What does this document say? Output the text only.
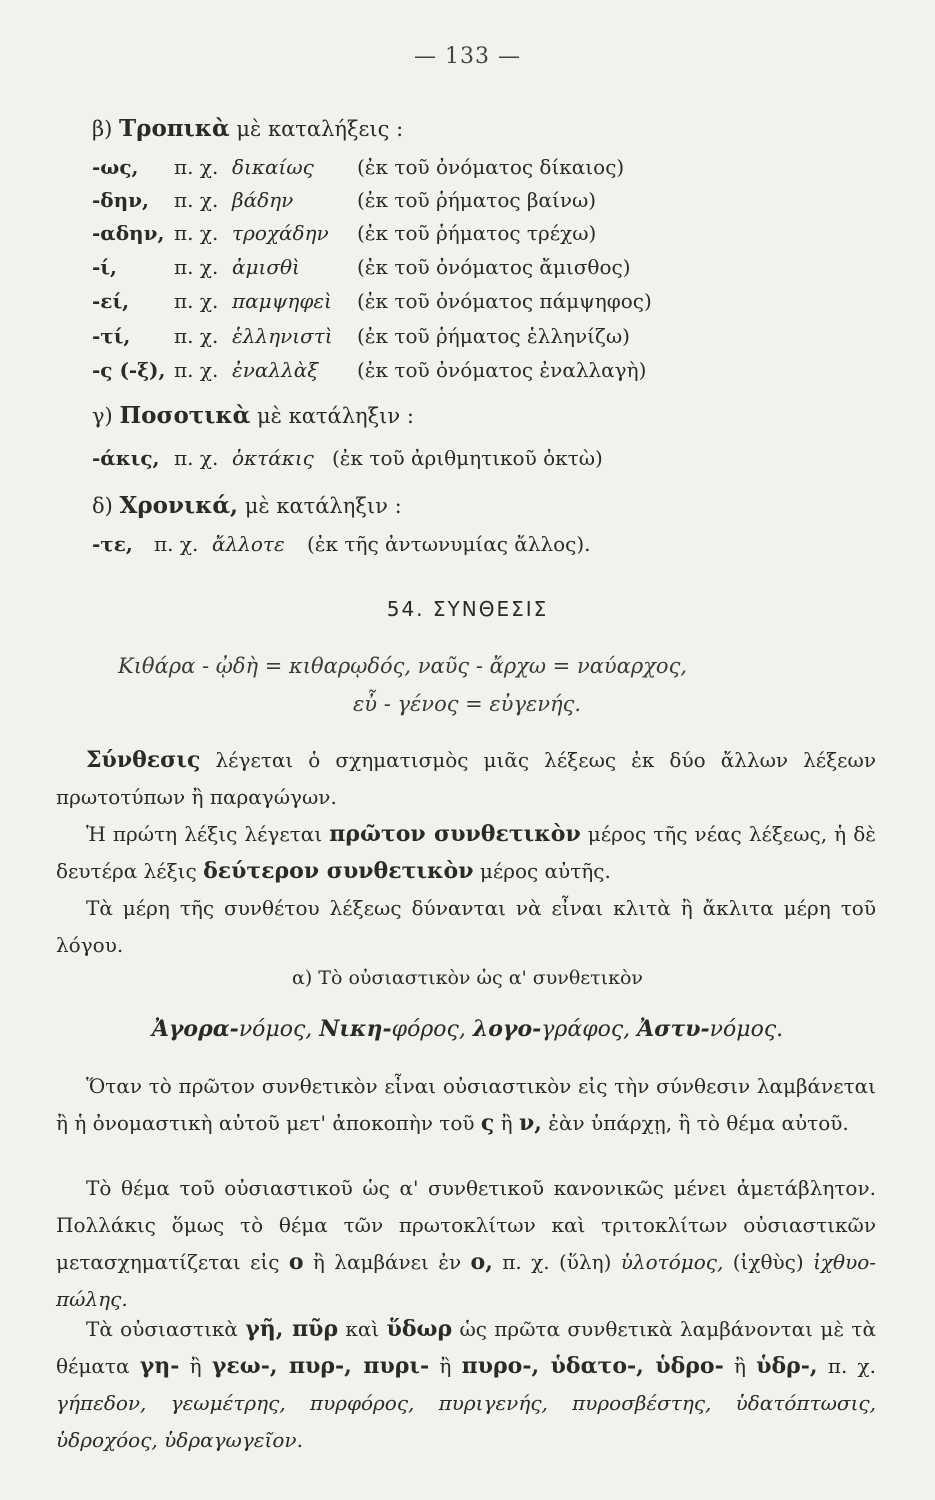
— 133 —
β) Τροπικὰ μὲ καταλήξεις :
-ως, π. χ. δικαίως (ἐκ τοῦ ὀνόματος δίκαιος)
-δην, π. χ. βάδην	(ἐκ τοῦ ῥήματος βαίνω)
-αδην, π. χ. τροχάδην (ἐκ τοῦ ῥήματος τρέχω)
-ί,	π. χ. ἀμισθὶ	(ἐκ τοῦ ὀνόματος ἄμισθος)
-εί, π. χ. παμψηφεὶ (ἐκ τοῦ ὀνόματος πάμψηφος)
-τί, π. χ. ἑλληνιστὶ (ἐκ τοῦ ῥήματος ἑλληνίζω)
-ς (-ξ), π. χ. ἐναλλὰξ (ἐκ τοῦ ὀνόματος ἐναλλαγὴ)
γ) Ποσοτικὰ μὲ κατάληξιν :
-άκις, π. χ. ὀκτάκις (ἐκ τοῦ ἀριθμητικοῦ ὀκτὼ)
δ) Χρονικά, μὲ κατάληξιν :
-τε, π. χ. ἄλλοτε (ἐκ τῆς ἀντωνυμίας ἄλλος).
54. ΣΥΝΘΕΣΙΣ
Κιθάρα - ᾠδὴ = κιθαρῳδός, ναῦς - ἄρχω = ναύαρχος,
εὖ - γένος = εὐγενής.
Σύνθεσις λέγεται ὁ σχηματισμὸς μιᾶς λέξεως ἐκ δύο ἄλλων λέξεων πρωτοτύπων ἢ παραγώγων.
Ἡ πρώτη λέξις λέγεται πρῶτον συνθετικὸν μέρος τῆς νέας λέξεως, ἡ δὲ δευτέρα λέξις δεύτερον συνθετικὸν μέρος αὐτῆς.
Τὰ μέρη τῆς συνθέτου λέξεως δύνανται νὰ εἶναι κλιτὰ ἢ ἄκλιτα μέρη τοῦ λόγου.
α) Τὸ οὐσιαστικὸν ὡς α' συνθετικὸν
Ἀγορα-νόμος, Νικη-φόρος, λογο-γράφος, Ἀστυ-νόμος.
Ὅταν τὸ πρῶτον συνθετικὸν εἶναι οὐσιαστικὸν εἰς τὴν σύνθεσιν λαμβάνεται ἢ ἡ ὀνομαστικὴ αὐτοῦ μετ' ἀποκοπὴν τοῦ ς ἢ ν, ἐὰν ὑπάρχῃ, ἢ τὸ θέμα αὐτοῦ.
Τὸ θέμα τοῦ οὐσιαστικοῦ ὡς α' συνθετικοῦ κανονικῶς μένει ἀμετάβλητον. Πολλάκις ὅμως τὸ θέμα τῶν πρωτοκλίτων καὶ τριτοκλίτων οὐσιαστικῶν μετασχηματίζεται εἰς ο ἢ λαμβάνει ἐν ο, π. χ. (ὕλη) ὑλοτόμος, (ἰχθὺς) ἰχθυο-πώλης.
Τὰ οὐσιαστικὰ γῆ, πῦρ καὶ ὕδωρ ὡς πρῶτα συνθετικὰ λαμβάνονται μὲ τὰ θέματα γη- ἢ γεω-, πυρ-, πυρι- ἢ πυρο-, ὑδατο-, ὑδρο- ἢ ὑδρ-, π. χ. γήπεδον, γεωμέτρης, πυρφόρος, πυριγενής, πυροσβέστης, ὑδατόπτωσις, ὑδροχόος, ὑδραγωγεῖον.
